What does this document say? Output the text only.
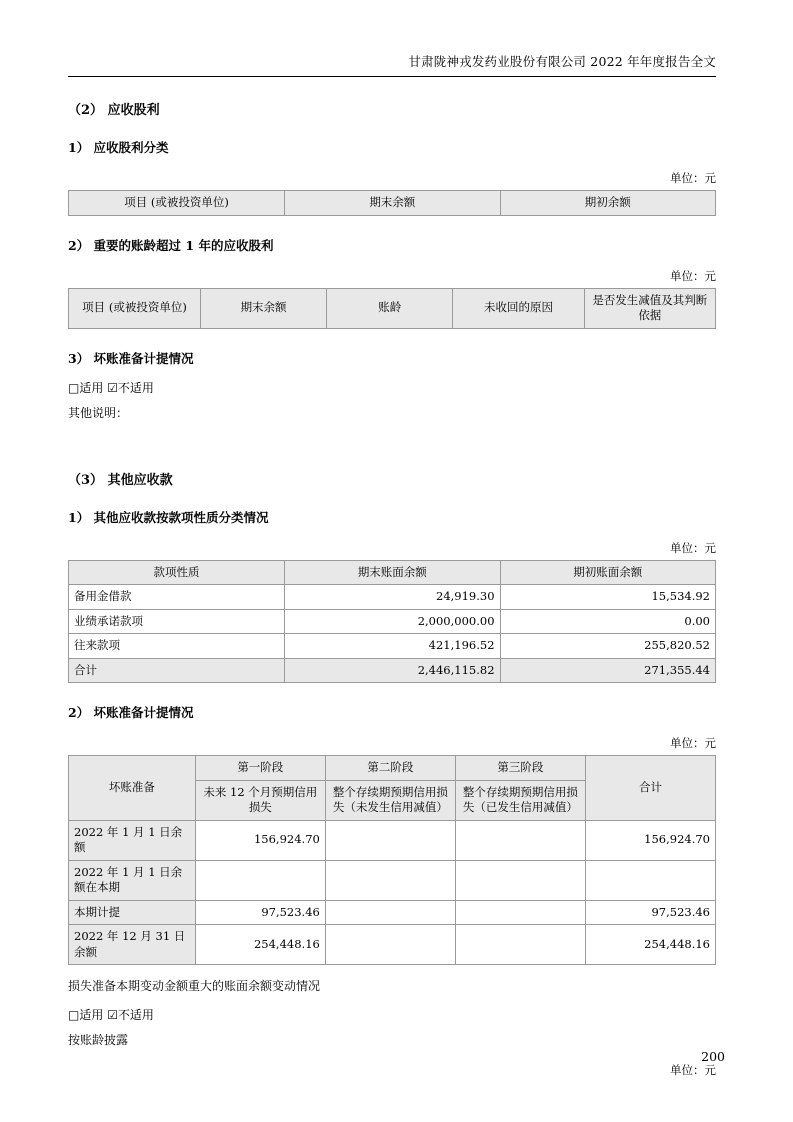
甘肃陇神戎发药业股份有限公司 2022 年年度报告全文
（2） 应收股利
1） 应收股利分类
单位：元
项目 (或被投资单位)	期末余额	期初余额
2） 重要的账龄超过 1 年的应收股利
单位：元
项目 (或被投资单位)	期末余额	账龄	未收回的原因	是否发生减值及其判断依据
3） 坏账准备计提情况
□适用 ☑不适用
其他说明：
（3） 其他应收款
1） 其他应收款按款项性质分类情况
单位：元
款项性质	期末账面余额	期初账面余额
备用金借款	24,919.30	15,534.92
业绩承诺款项	2,000,000.00	0.00
往来款项	421,196.52	255,820.52
合计	2,446,115.82	271,355.44
2） 坏账准备计提情况
单位：元
坏账准备	第一阶段	第二阶段	第三阶段	合计
	未来 12 个月预期信用损失	整个存续期预期信用损失（未发生信用减值）	整个存续期预期信用损失（已发生信用减值）	
2022 年 1 月 1 日余额	156,924.70			156,924.70
2022 年 1 月 1 日余额在本期				
本期计提	97,523.46			97,523.46
2022 年 12 月 31 日余额	254,448.16			254,448.16
损失准备本期变动金额重大的账面余额变动情况
□适用 ☑不适用
按账龄披露
单位：元
200
